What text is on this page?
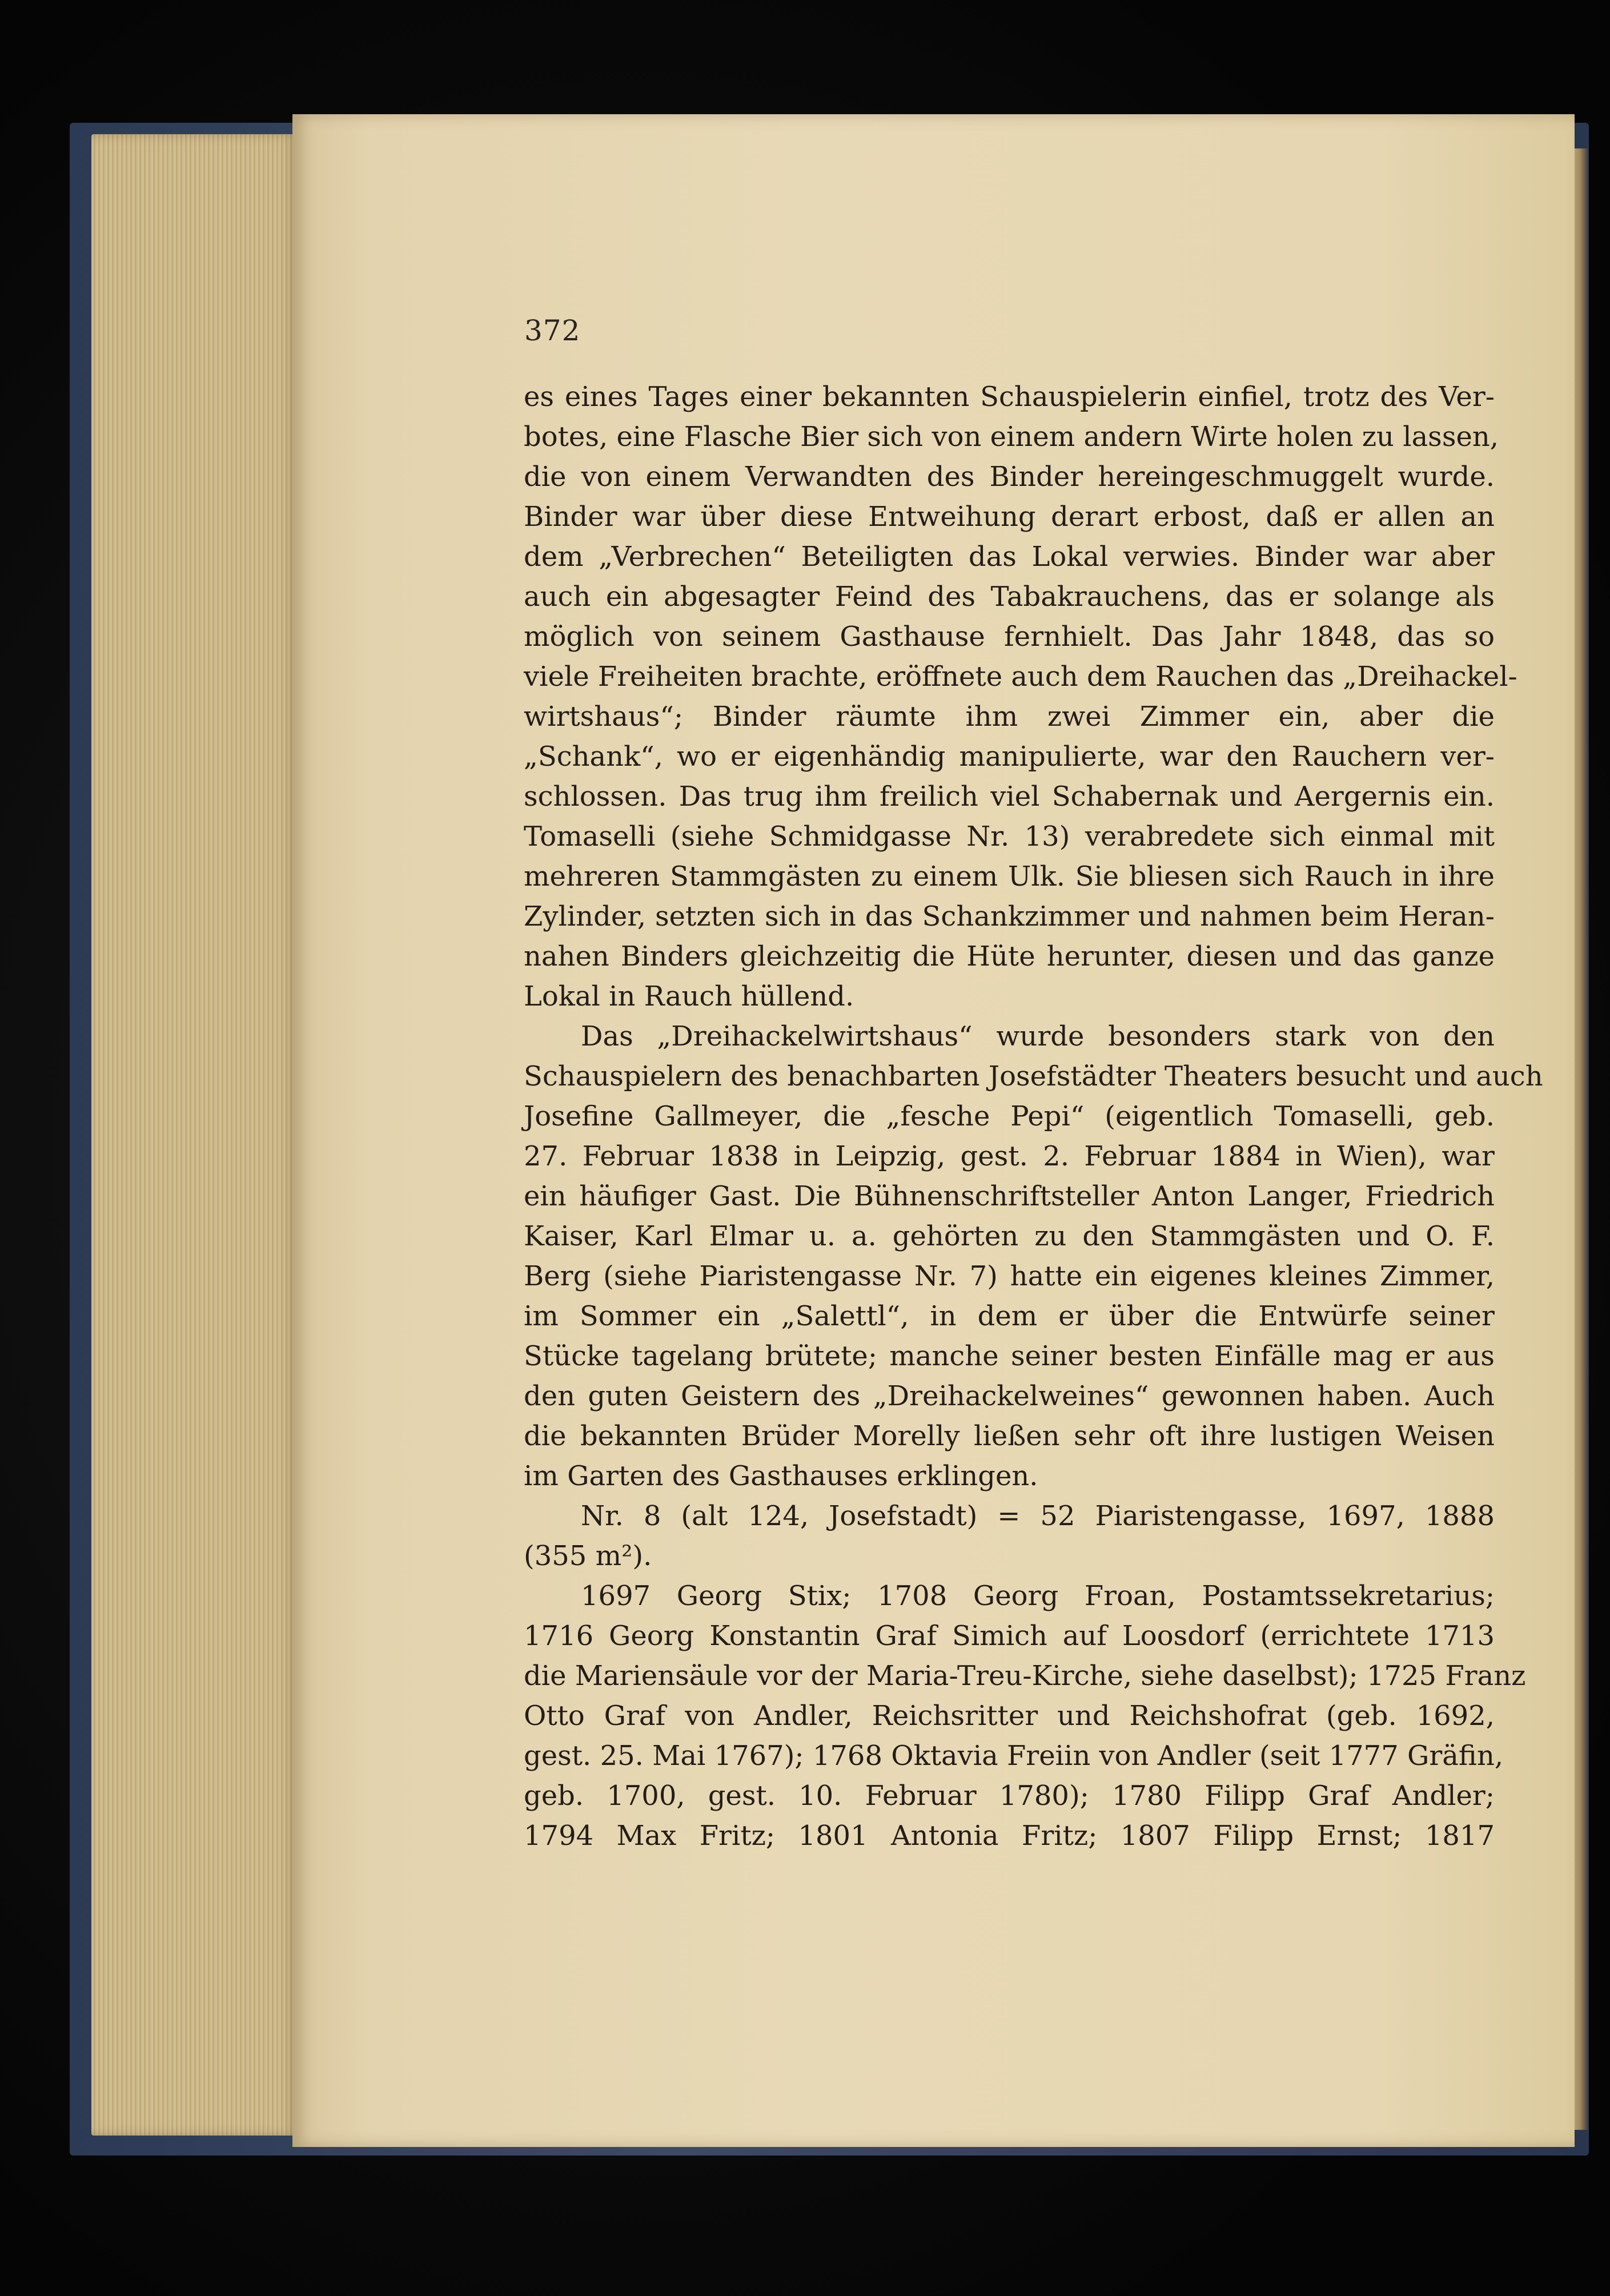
372
es eines Tages einer bekannten Schauspielerin einfiel, trotz des Ver-
botes, eine Flasche Bier sich von einem andern Wirte holen zu lassen,
die von einem Verwandten des Binder hereingeschmuggelt wurde.
Binder war über diese Entweihung derart erbost, daß er allen an
dem „Verbrechen“ Beteiligten das Lokal verwies. Binder war aber
auch ein abgesagter Feind des Tabakrauchens, das er solange als
möglich von seinem Gasthause fernhielt. Das Jahr 1848, das so
viele Freiheiten brachte, eröffnete auch dem Rauchen das „Dreihackel-
wirtshaus“; Binder räumte ihm zwei Zimmer ein, aber die
„Schank“, wo er eigenhändig manipulierte, war den Rauchern ver-
schlossen. Das trug ihm freilich viel Schabernak und Aergernis ein.
Tomaselli (siehe Schmidgasse Nr. 13) verabredete sich einmal mit
mehreren Stammgästen zu einem Ulk. Sie bliesen sich Rauch in ihre
Zylinder, setzten sich in das Schankzimmer und nahmen beim Heran-
nahen Binders gleichzeitig die Hüte herunter, diesen und das ganze
Lokal in Rauch hüllend.
Das „Dreihackelwirtshaus“ wurde besonders stark von den
Schauspielern des benachbarten Josefstädter Theaters besucht und auch
Josefine Gallmeyer, die „fesche Pepi“ (eigentlich Tomaselli, geb.
27. Februar 1838 in Leipzig, gest. 2. Februar 1884 in Wien), war
ein häufiger Gast. Die Bühnenschriftsteller Anton Langer, Friedrich
Kaiser, Karl Elmar u. a. gehörten zu den Stammgästen und O. F.
Berg (siehe Piaristengasse Nr. 7) hatte ein eigenes kleines Zimmer,
im Sommer ein „Salettl“, in dem er über die Entwürfe seiner
Stücke tagelang brütete; manche seiner besten Einfälle mag er aus
den guten Geistern des „Dreihackelweines“ gewonnen haben. Auch
die bekannten Brüder Morelly ließen sehr oft ihre lustigen Weisen
im Garten des Gasthauses erklingen.
Nr. 8 (alt 124, Josefstadt) = 52 Piaristengasse, 1697, 1888
(355 m²).
1697 Georg Stix; 1708 Georg Froan, Postamtssekretarius;
1716 Georg Konstantin Graf Simich auf Loosdorf (errichtete 1713
die Mariensäule vor der Maria-Treu-Kirche, siehe daselbst); 1725 Franz
Otto Graf von Andler, Reichsritter und Reichshofrat (geb. 1692,
gest. 25. Mai 1767); 1768 Oktavia Freiin von Andler (seit 1777 Gräfin,
geb. 1700, gest. 10. Februar 1780); 1780 Filipp Graf Andler;
1794 Max Fritz; 1801 Antonia Fritz; 1807 Filipp Ernst; 1817
